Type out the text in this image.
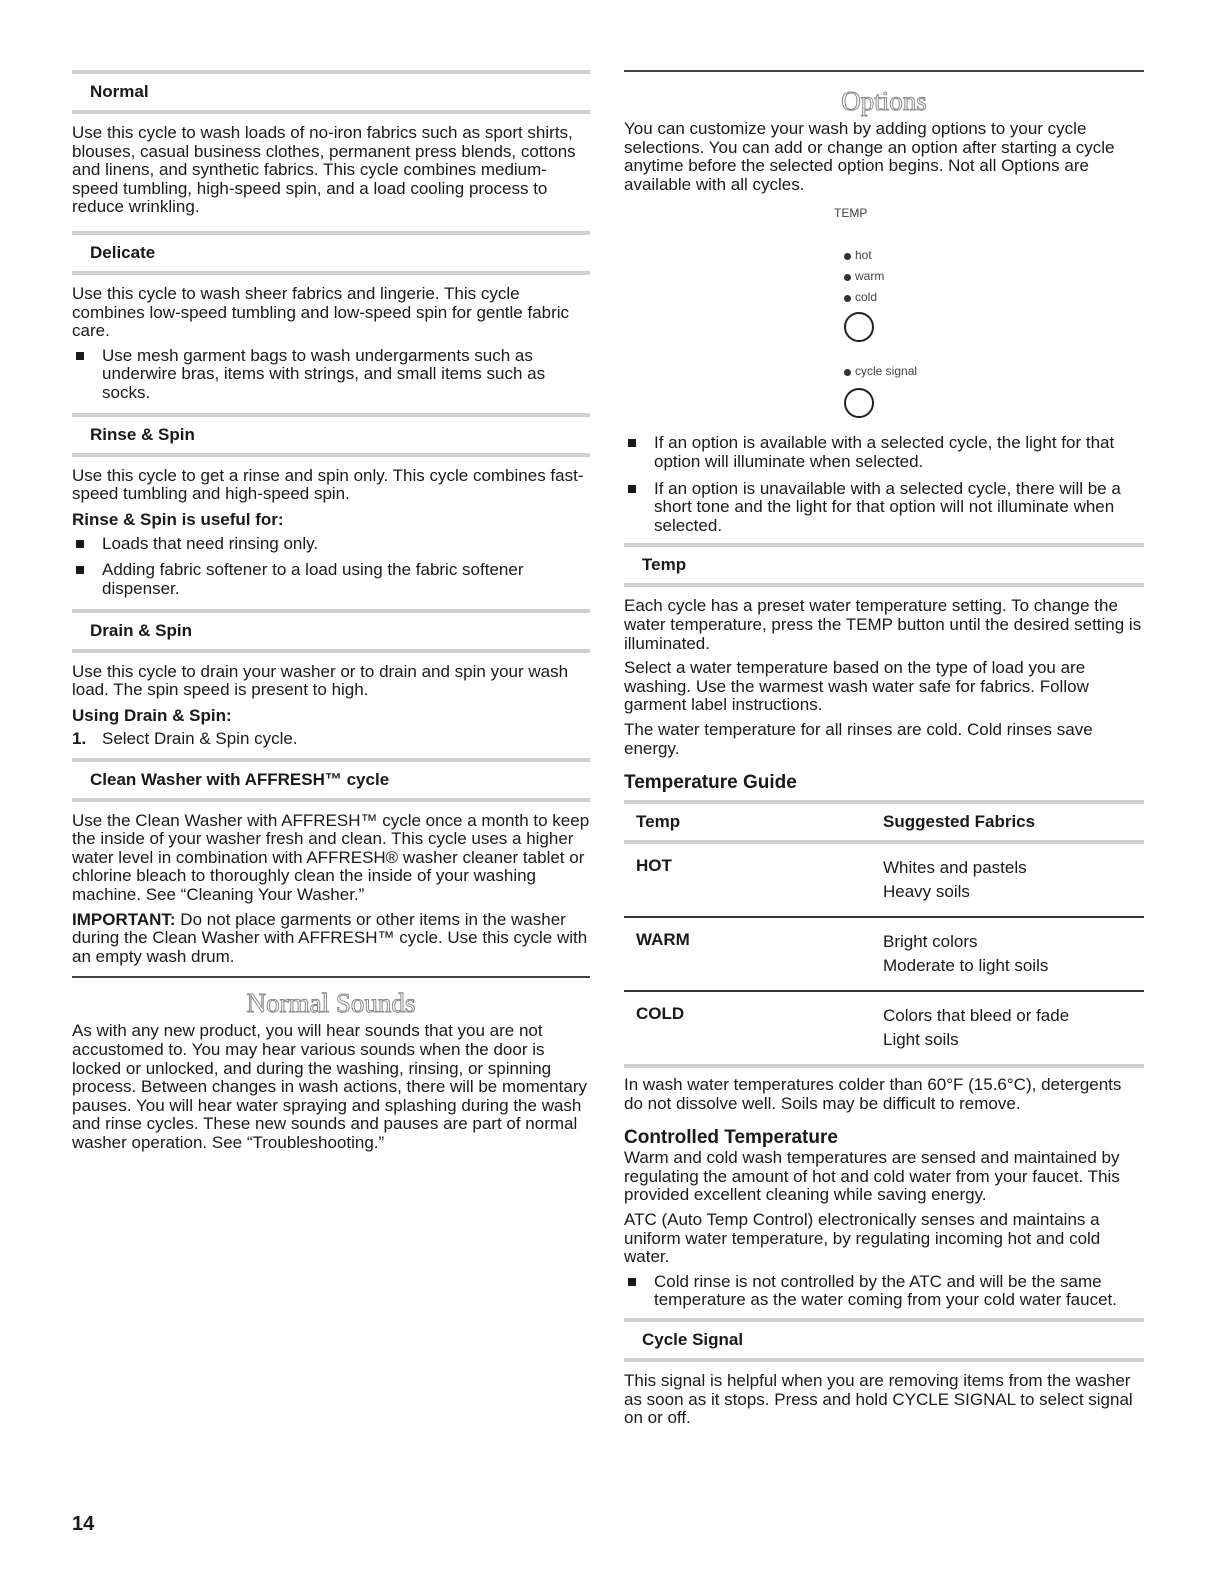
Normal

Use this cycle to wash loads of no-iron fabrics such as sport shirts, blouses, casual business clothes, permanent press blends, cottons and linens, and synthetic fabrics. This cycle combines medium-speed tumbling, high-speed spin, and a load cooling process to reduce wrinkling.

Delicate

Use this cycle to wash sheer fabrics and lingerie. This cycle combines low-speed tumbling and low-speed spin for gentle fabric care.

Use mesh garment bags to wash undergarments such as underwire bras, items with strings, and small items such as socks.
Rinse & Spin

Use this cycle to get a rinse and spin only. This cycle combines fast-speed tumbling and high-speed spin.

Rinse & Spin is useful for:
Loads that need rinsing only.
Adding fabric softener to a load using the fabric softener dispenser.
Drain & Spin

Use this cycle to drain your washer or to drain and spin your wash load. The spin speed is present to high.

Using Drain & Spin:
1. Select Drain & Spin cycle.
Clean Washer with AFFRESH™ cycle

Use the Clean Washer with AFFRESH™ cycle once a month to keep the inside of your washer fresh and clean. This cycle uses a higher water level in combination with AFFRESH® washer cleaner tablet or chlorine bleach to thoroughly clean the inside of your washing machine. See “Cleaning Your Washer.”

IMPORTANT: Do not place garments or other items in the washer during the Clean Washer with AFFRESH™ cycle. Use this cycle with an empty wash drum.

Normal Sounds

As with any new product, you will hear sounds that you are not accustomed to. You may hear various sounds when the door is locked or unlocked, and during the washing, rinsing, or spinning process. Between changes in wash actions, there will be momentary pauses. You will hear water spraying and splashing during the wash and rinse cycles. These new sounds and pauses are part of normal washer operation. See “Troubleshooting.”

Options

You can customize your wash by adding options to your cycle selections. You can add or change an option after starting a cycle anytime before the selected option begins. Not all Options are available with all cycles.

TEMP
hot
warm
cold
cycle signal
If an option is available with a selected cycle, the light for that option will illuminate when selected.
If an option is unavailable with a selected cycle, there will be a short tone and the light for that option will not illuminate when selected.
Temp

Each cycle has a preset water temperature setting. To change the water temperature, press the TEMP button until the desired setting is illuminated.

Select a water temperature based on the type of load you are washing. Use the warmest wash water safe for fabrics. Follow garment label instructions.

The water temperature for all rinses are cold. Cold rinses save energy.

Temperature Guide
Temp	Suggested Fabrics
HOT	Whites and pastels
Heavy soils
WARM	Bright colors
Moderate to light soils
COLD	Colors that bleed or fade
Light soils

In wash water temperatures colder than 60°F (15.6°C), detergents do not dissolve well. Soils may be difficult to remove.

Controlled Temperature

Warm and cold wash temperatures are sensed and maintained by regulating the amount of hot and cold water from your faucet. This provided excellent cleaning while saving energy.

ATC (Auto Temp Control) electronically senses and maintains a uniform water temperature, by regulating incoming hot and cold water.

Cold rinse is not controlled by the ATC and will be the same temperature as the water coming from your cold water faucet.
Cycle Signal

This signal is helpful when you are removing items from the washer as soon as it stops. Press and hold CYCLE SIGNAL to select signal on or off.

14
